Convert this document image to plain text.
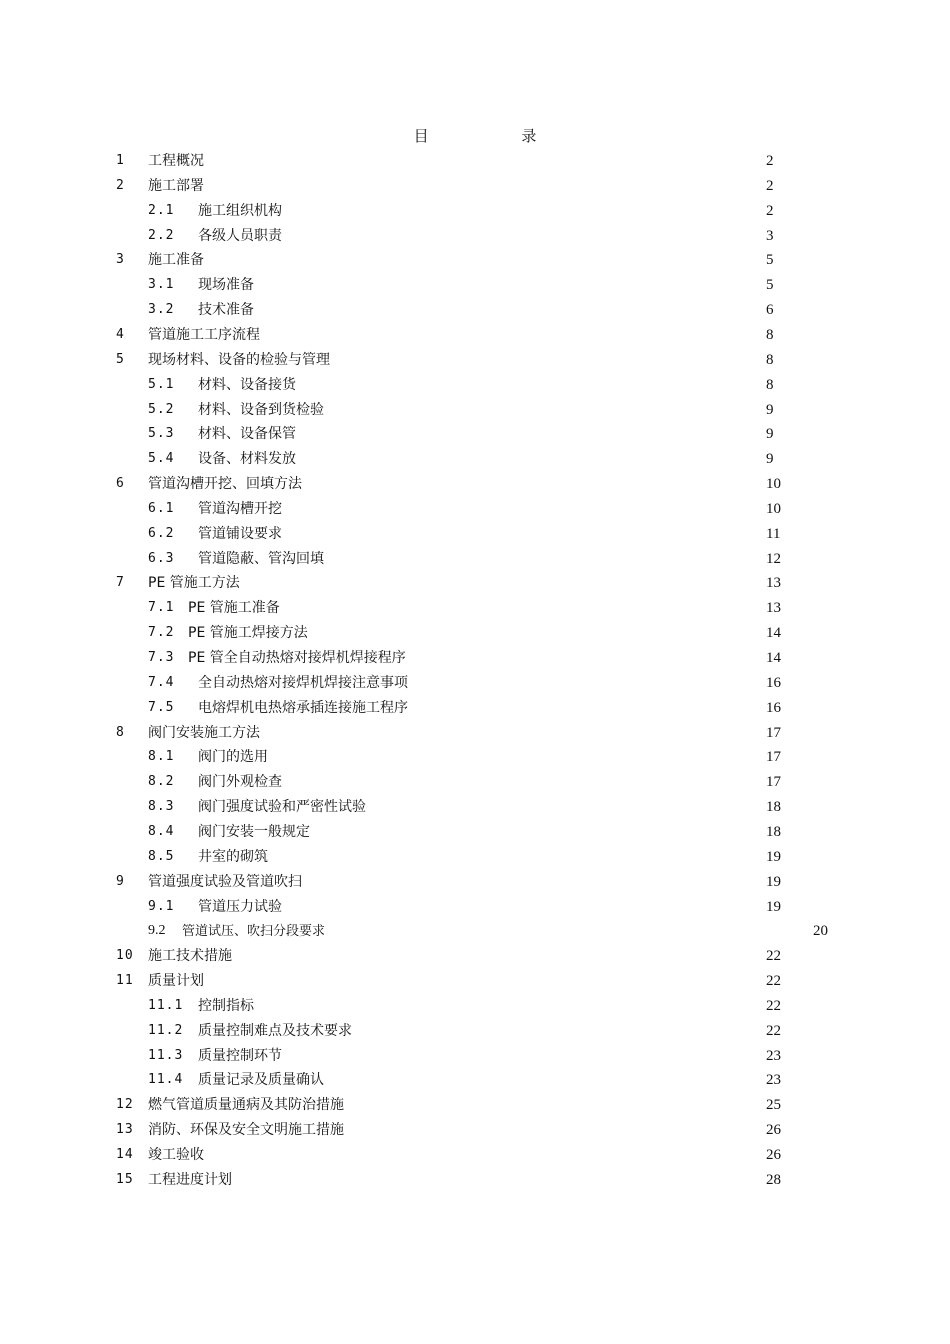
目 录
1 工程概况	2
2 施工部署	2
2.1 施工组织机构	2
2.2 各级人员职责	3
3 施工准备	5
3.1 现场准备	5
3.2 技术准备	6
4 管道施工工序流程	8
5 现场材料、设备的检验与管理	8
5.1 材料、设备接货	8
5.2 材料、设备到货检验	9
5.3 材料、设备保管	9
5.4 设备、材料发放	9
6 管道沟槽开挖、回填方法	10
6.1 管道沟槽开挖	10
6.2 管道铺设要求	11
6.3 管道隐蔽、管沟回填	12
7 PE 管施工方法	13
7.1 PE 管施工准备	13
7.2 PE 管施工焊接方法	14
7.3 PE 管全自动热熔对接焊机焊接程序	14
7.4 全自动热熔对接焊机焊接注意事项	16
7.5 电熔焊机电热熔承插连接施工程序	16
8 阀门安装施工方法	17
8.1 阀门的选用	17
8.2 阀门外观检查	17
8.3 阀门强度试验和严密性试验	18
8.4 阀门安装一般规定	18
8.5 井室的砌筑	19
9 管道强度试验及管道吹扫	19
9.1 管道压力试验	19
9.2 管道试压、吹扫分段要求	20
10 施工技术措施	22
11 质量计划	22
11.1 控制指标	22
11.2 质量控制难点及技术要求	22
11.3 质量控制环节	23
11.4 质量记录及质量确认	23
12 燃气管道质量通病及其防治措施	25
13 消防、环保及安全文明施工措施	26
14 竣工验收	26
15 工程进度计划	28
